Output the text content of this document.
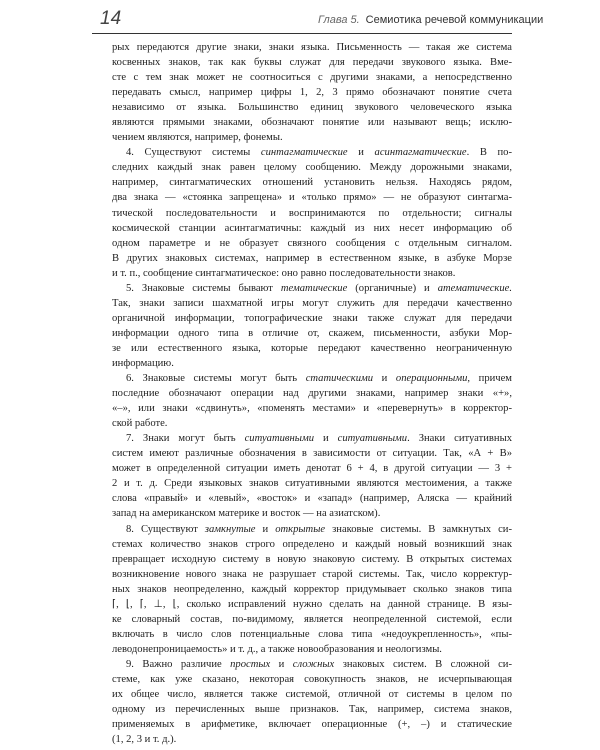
14	Глава 5. Семиотика речевой коммуникации
рых передаются другие знаки, знаки языка. Письменность — такая же система
косвенных знаков, так как буквы служат для передачи звукового языка. Вме-
сте с тем знак может не соотноситься с другими знаками, а непосредственно
передавать смысл, например цифры 1, 2, 3 прямо обозначают понятие счета
независимо от языка. Большинство единиц звукового человеческого языка
являются прямыми знаками, обозначают понятие или называют вещь; исклю-
чением являются, например, фонемы.
4. Существуют системы синтагматические и асинтагматические. В по-
следних каждый знак равен целому сообщению. Между дорожными знаками,
например, синтагматических отношений установить нельзя. Находясь рядом,
два знака — «стоянка запрещена» и «только прямо» — не образуют синтагма-
тической последовательности и воспринимаются по отдельности; сигналы
космической станции асинтагматичны: каждый из них несет информацию об
одном параметре и не образует связного сообщения с отдельным сигналом.
В других знаковых системах, например в естественном языке, в азбуке Морзе
и т. п., сообщение синтагматическое: оно равно последовательности знаков.
5. Знаковые системы бывают тематические (органичные) и атематические.
Так, знаки записи шахматной игры могут служить для передачи качественно
органичной информации, топографические знаки также служат для передачи
информации одного типа в отличие от, скажем, письменности, азбуки Мор-
зе или естественного языка, которые передают качественно неограниченную
информацию.
6. Знаковые системы могут быть статическими и операционными, причем
последние обозначают операции над другими знаками, например знаки «+»,
«–», или знаки «сдвинуть», «поменять местами» и «перевернуть» в корректор-
ской работе.
7. Знаки могут быть ситуативными и ситуативными. Знаки ситуативных
систем имеют различные обозначения в зависимости от ситуации. Так, «А + В»
может в определенной ситуации иметь денотат 6 + 4, в другой ситуации — 3 +
2 и т. д. Среди языковых знаков ситуативными являются местоимения, а также
слова «правый» и «левый», «восток» и «запад» (например, Аляска — крайний
запад на американском материке и восток — на азиатском).
8. Существуют замкнутые и открытые знаковые системы. В замкнутых си-
стемах количество знаков строго определено и каждый новый возникший знак
превращает исходную систему в новую знаковую систему. В открытых системах
возникновение нового знака не разрушает старой системы. Так, число корректур-
ных знаков неопределенно, каждый корректор придумывает сколько знаков типа
⌈, ⌊, ⌈, ⊥, ⌊, сколько исправлений нужно сделать на данной странице. В язы-
ке словарный состав, по-видимому, является неопределенной системой, если
включать в число слов потенциальные слова типа «недоукрепленность», «пы-
леводонепроницаемость» и т. д., а также новообразования и неологизмы.
9. Важно различие простых и сложных знаковых систем. В сложной си-
стеме, как уже сказано, некоторая совокупность знаков, не исчерпывающая
их общее число, является также системой, отличной от системы в целом по
одному из перечисленных выше признаков. Так, например, система знаков,
применяемых в арифметике, включает операционные (+, –) и статические
(1, 2, 3 и т. д.).
